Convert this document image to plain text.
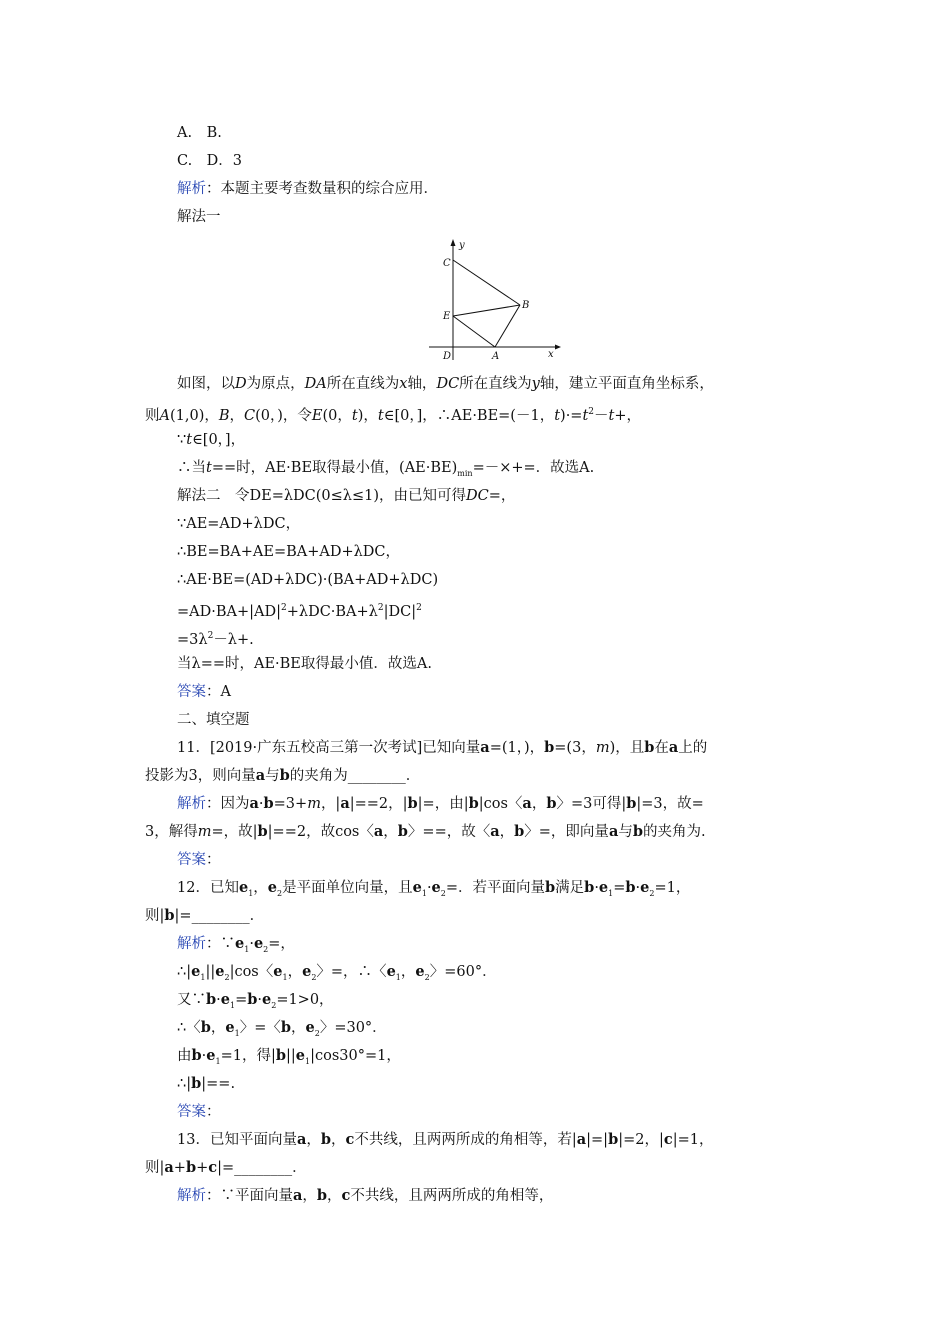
A.　B.
C.　D．3
解析：本题主要考查数量积的综合应用．
解法一
y
C
B
E
D	A	x
如图，以D为原点，DA所在直线为x轴，DC所在直线为y轴，建立平面直角坐标系，
则A(1,0)，B，C(0，)，令E(0，t)，t∈[0，]，∴AE·BE=(－1，$t)\cdot=t^2-t+$，
∵t∈[0，]，
∴当t==时，AE·BE取得最小值，$(AE\cdot BE)_{min}=-\times+=$．故选A.
解法二　令DE=λDC(0≤λ≤1)，由已知可得DC=，
∵AE=AD+λDC，
∴BE=BA+AE=BA+AD+λDC，
∴AE·BE=(AD+λDC)·(BA+AD+λDC)
$=AD\cdot BA+|AD|^2+\lambda DC\cdot BA+\lambda^2|DC|^2$
$=3\lambda^2-\lambda+$.
当λ==时，AE·BE取得最小值．故选A.
答案：A
二、填空题
11．[2019·广东五校高三第一次考试]已知向量a=(1，)，b=(3，m)，且b在a上的
投影为3，则向量a与b的夹角为________．
解析：因为a·b=3+m，|a|==2，|b|=，由|b|cos〈a，b〉=3可得|b|=3，故=
3，解得m=，故|b|==2，故cos〈a，b〉==，故〈a，b〉=，即向量a与b的夹角为.
答案：
12．已知$e_1$，$e_2$是平面单位向量，且$e_1\cdot e_2=$．若平面向量b满足$b\cdot e_1=b\cdot e_2=1$，
则|b|=________．
解析：$\because e_1\cdot e_2=$，
$\therefore|e_1||e_2|\cos$〈$e_1$，$e_2$〉=，∴〈$e_1$，$e_2$〉=60°．
又$\because b\cdot e_1=b\cdot e_2=1>0$，
∴〈b，$e_1$〉=〈b，$e_2$〉=30°．
由$b\cdot e_1=1$，得$|b||e_1|\cos 30^\circ=1$，
∴|b|==.
答案：
13．已知平面向量a，b，c不共线，且两两所成的角相等，若|a|=|b|=2，|c|=1，
则|a+b+c|=________．
解析：∵平面向量a，b，c不共线，且两两所成的角相等，
